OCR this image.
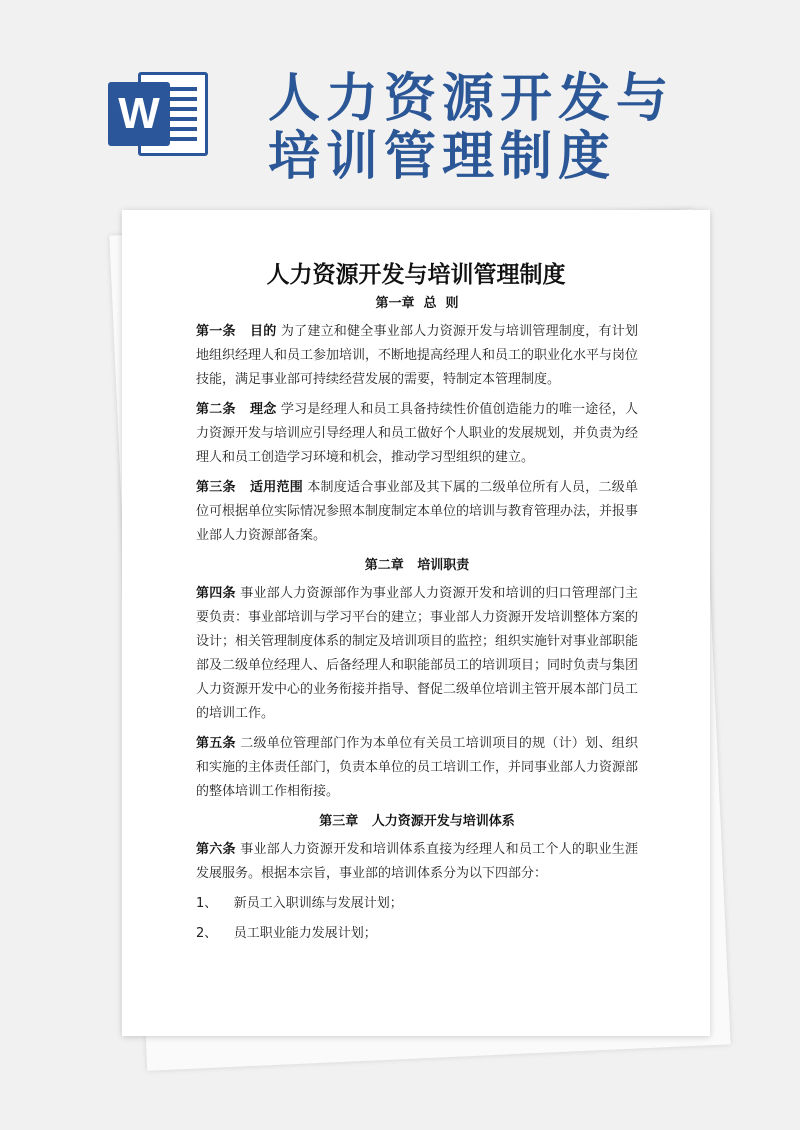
W 人力资源开发与
培训管理制度
人力资源开发与培训管理制度
第一章  总  则
第一条   目的 为了建立和健全事业部人力资源开发与培训管理制度，有计划地组织经理人和员工参加培训，不断地提高经理人和员工的职业化水平与岗位技能，满足事业部可持续经营发展的需要，特制定本管理制度。
第二条   理念 学习是经理人和员工具备持续性价值创造能力的唯一途径，人力资源开发与培训应引导经理人和员工做好个人职业的发展规划，并负责为经理人和员工创造学习环境和机会，推动学习型组织的建立。
第三条   适用范围 本制度适合事业部及其下属的二级单位所有人员，二级单位可根据单位实际情况参照本制度制定本单位的培训与教育管理办法，并报事业部人力资源部备案。
第二章   培训职责
第四条 事业部人力资源部作为事业部人力资源开发和培训的归口管理部门主要负责：事业部培训与学习平台的建立；事业部人力资源开发培训整体方案的设计；相关管理制度体系的制定及培训项目的监控；组织实施针对事业部职能部及二级单位经理人、后备经理人和职能部员工的培训项目；同时负责与集团人力资源开发中心的业务衔接并指导、督促二级单位培训主管开展本部门员工的培训工作。
第五条 二级单位管理部门作为本单位有关员工培训项目的规（计）划、组织和实施的主体责任部门，负责本单位的员工培训工作，并同事业部人力资源部的整体培训工作相衔接。
第三章   人力资源开发与培训体系
第六条 事业部人力资源开发和培训体系直接为经理人和员工个人的职业生涯发展服务。根据本宗旨，事业部的培训体系分为以下四部分：
1、    新员工入职训练与发展计划；
2、    员工职业能力发展计划；
